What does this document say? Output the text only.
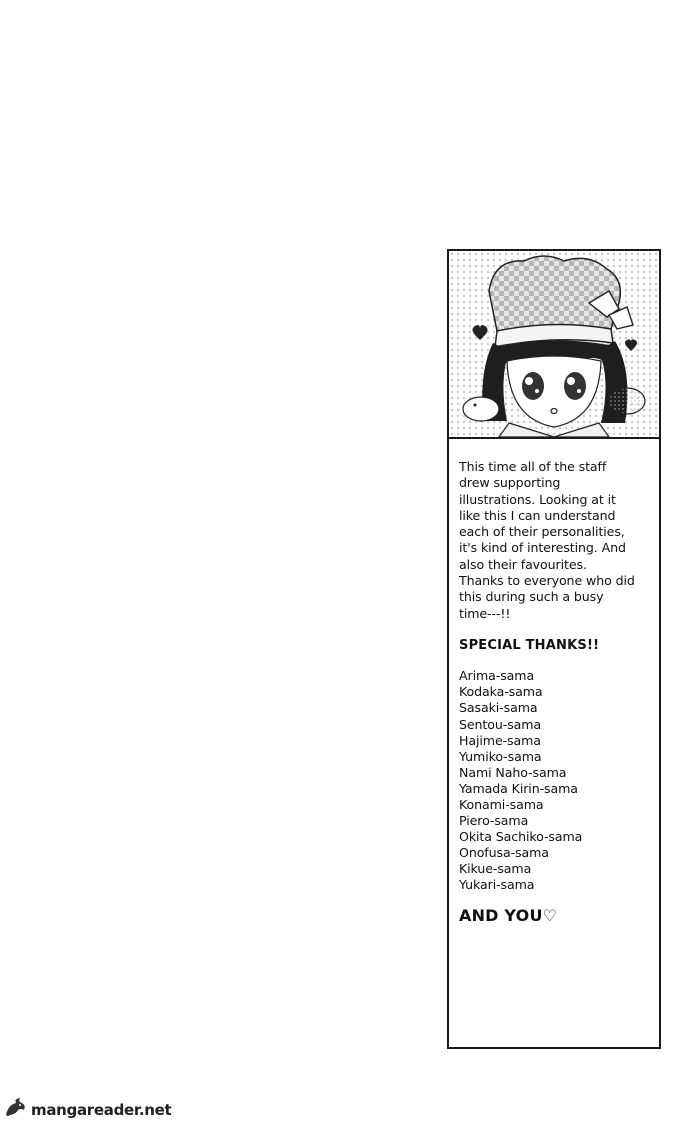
This time all of the staff

drew supporting

illustrations. Looking at it

like this I can understand

each of their personalities,

it's kind of interesting. And

also their favourites.

Thanks to everyone who did

this during such a busy

time---!!

SPECIAL THANKS!!
Arima-sama
Kodaka-sama
Sasaki-sama
Sentou-sama
Hajime-sama
Yumiko-sama
Nami Naho-sama
Yamada Kirin-sama
Konami-sama
Piero-sama
Okita Sachiko-sama
Onofusa-sama
Kikue-sama
Yukari-sama
AND YOU♡
mangareader.net
